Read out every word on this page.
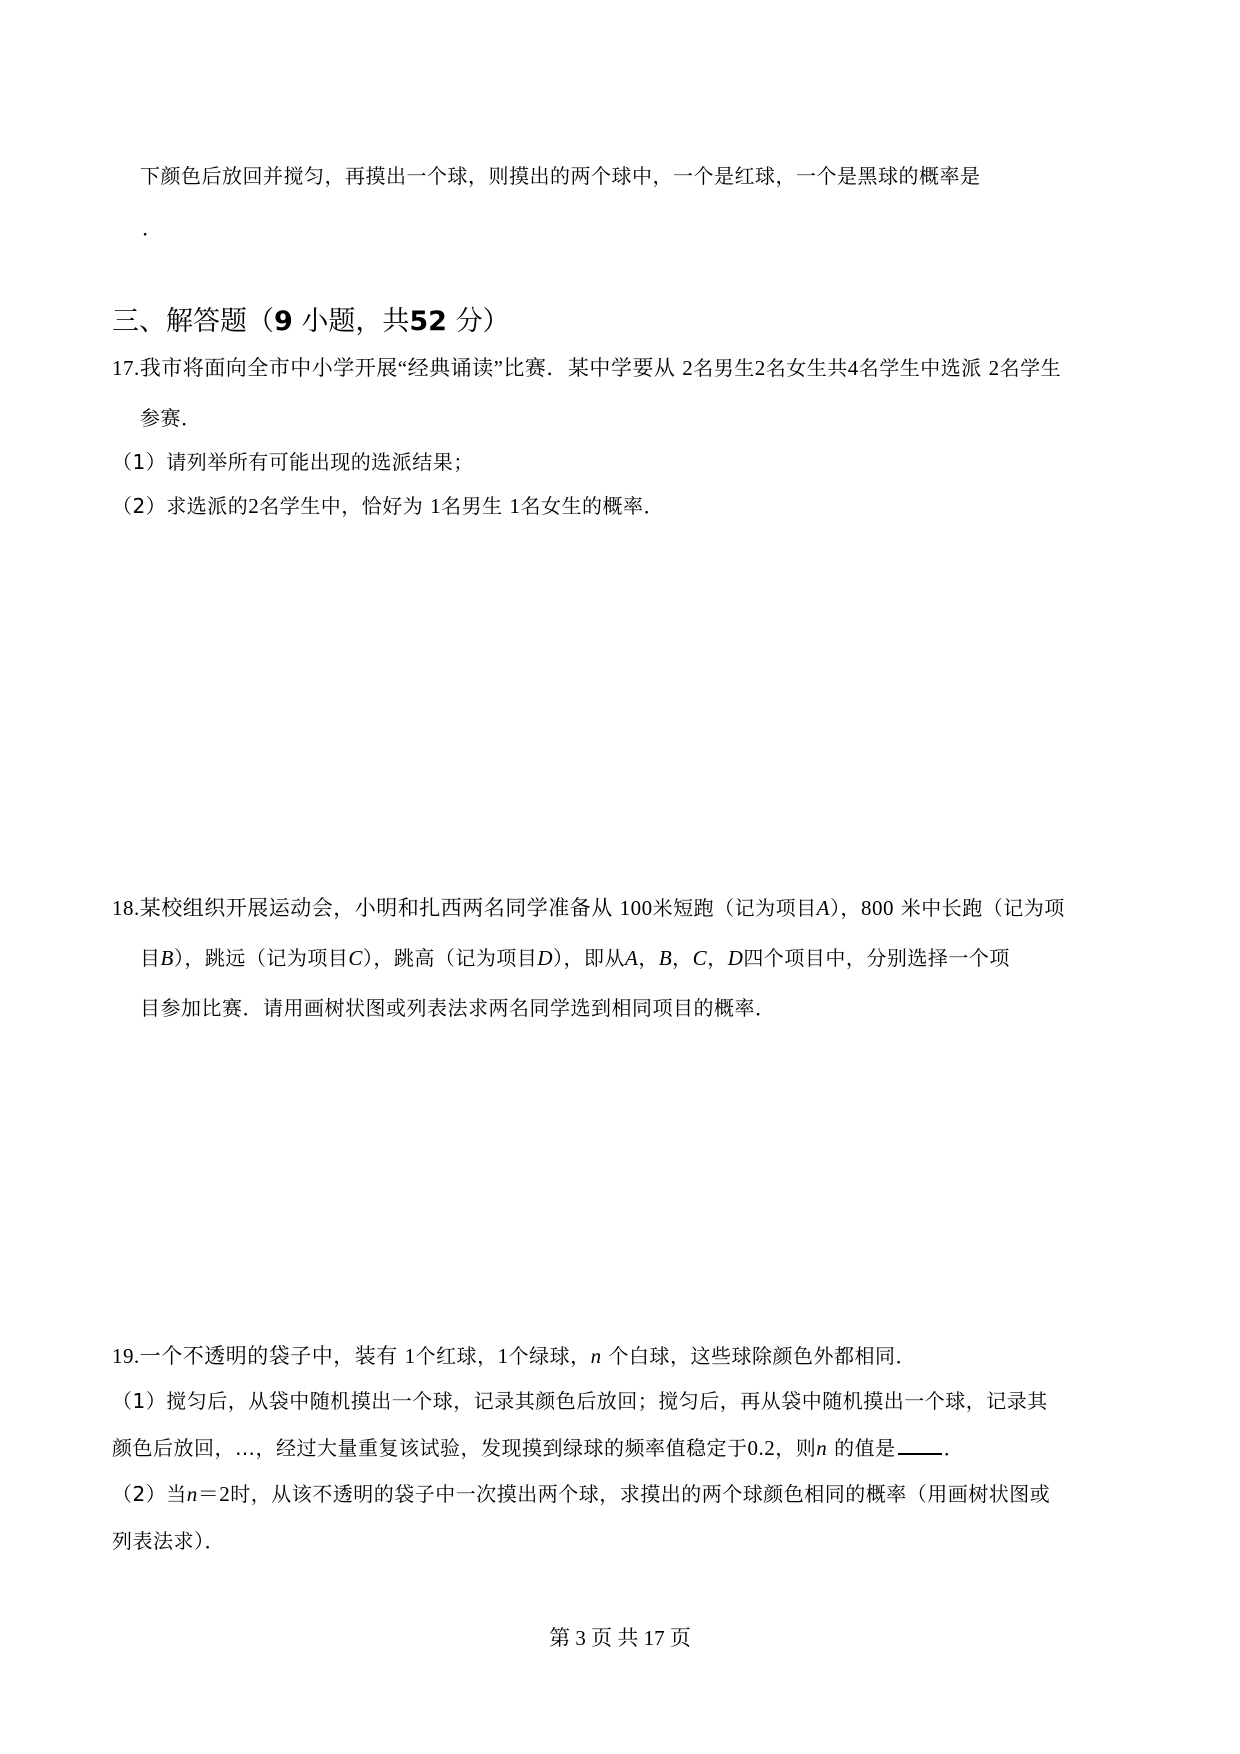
下颜色后放回并搅匀，再摸出一个球，则摸出的两个球中，一个是红球，一个是黑球的概率是
．
三、解答题（9 小题，共52 分）
17.我市将面向全市中小学开展“经典诵读”比赛．某中学要从 2名男生2名女生共4名学生中选派 2名学生
参赛．
（1）请列举所有可能出现的选派结果；
（2）求选派的2名学生中，恰好为 1名男生 1名女生的概率．
18.某校组织开展运动会，小明和扎西两名同学准备从 100米短跑（记为项目A），800 米中长跑（记为项
目B），跳远（记为项目C），跳高（记为项目D），即从A，B，C，D四个项目中，分别选择一个项
目参加比赛．请用画树状图或列表法求两名同学选到相同项目的概率．
19.一个不透明的袋子中，装有 1个红球，1个绿球，n 个白球，这些球除颜色外都相同．
（1）搅匀后，从袋中随机摸出一个球，记录其颜色后放回；搅匀后，再从袋中随机摸出一个球，记录其
颜色后放回，…，经过大量重复该试验，发现摸到绿球的频率值稳定于0.2，则n 的值是 ．
（2）当n＝2时，从该不透明的袋子中一次摸出两个球，求摸出的两个球颜色相同的概率（用画树状图或
列表法求）．
第 3 页 共 17 页
